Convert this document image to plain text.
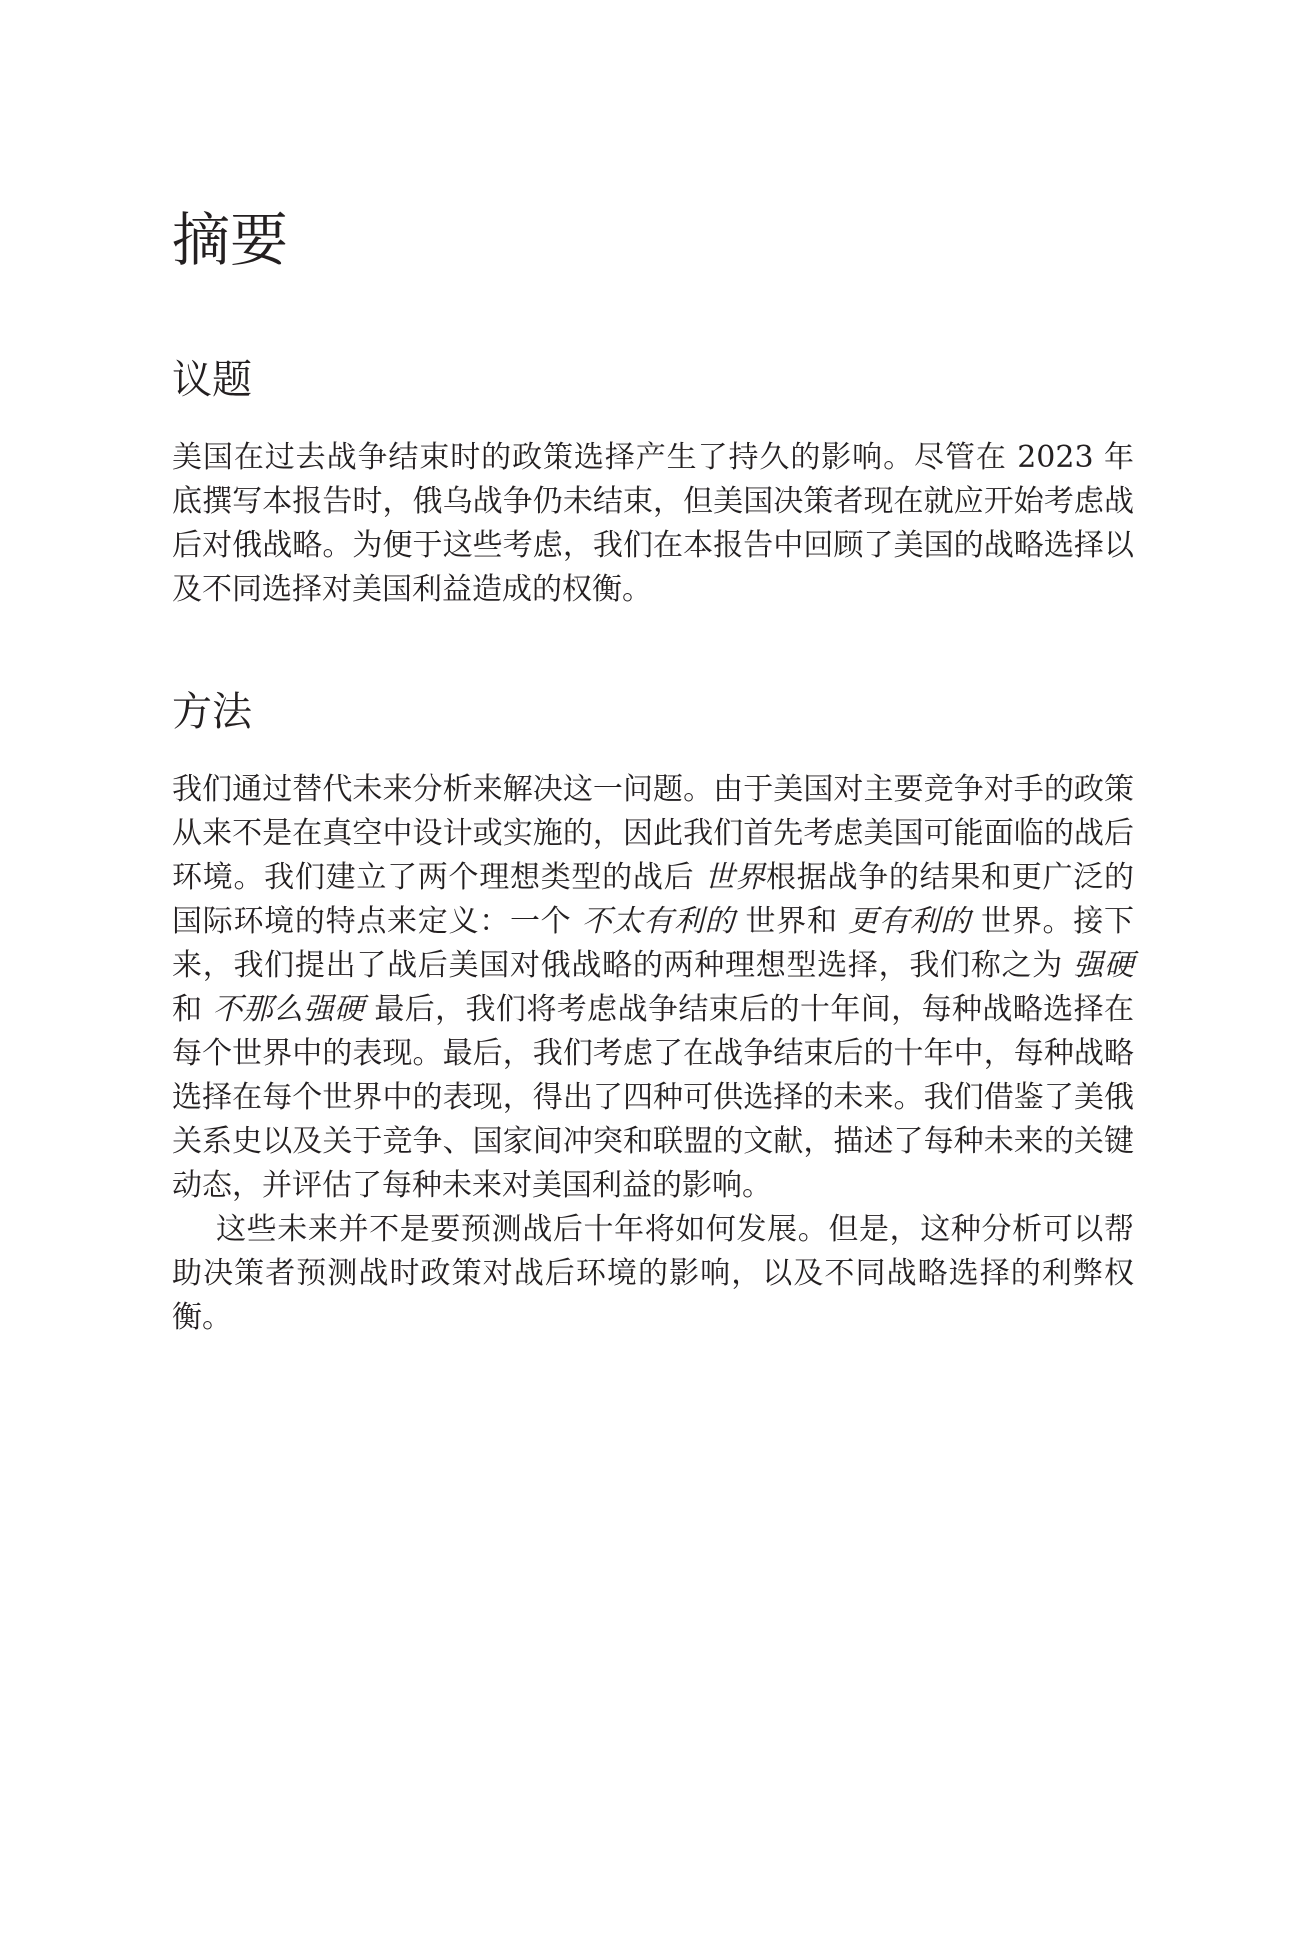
摘要
议题

美国在过去战争结束时的政策选择产生了持久的影响。尽管在 2023 年底撰写本报告时，俄乌战争仍未结束，但美国决策者现在就应开始考虑战后对俄战略。为便于这些考虑，我们在本报告中回顾了美国的战略选择以及不同选择对美国利益造成的权衡。

方法

我们通过替代未来分析来解决这一问题。由于美国对主要竞争对手的政策从来不是在真空中设计或实施的，因此我们首先考虑美国可能面临的战后环境。我们建立了两个理想类型的战后 世界根据战争的结果和更广泛的国际环境的特点来定义：一个 不太有利的 世界和 更有利的 世界。接下来，我们提出了战后美国对俄战略的两种理想型选择，我们称之为 强硬 和 不那么强硬 最后，我们将考虑战争结束后的十年间，每种战略选择在每个世界中的表现。最后，我们考虑了在战争结束后的十年中，每种战略选择在每个世界中的表现，得出了四种可供选择的未来。我们借鉴了美俄关系史以及关于竞争、国家间冲突和联盟的文献，描述了每种未来的关键动态，并评估了每种未来对美国利益的影响。

这些未来并不是要预测战后十年将如何发展。但是，这种分析可以帮助决策者预测战时政策对战后环境的影响，以及不同战略选择的利弊权衡。
